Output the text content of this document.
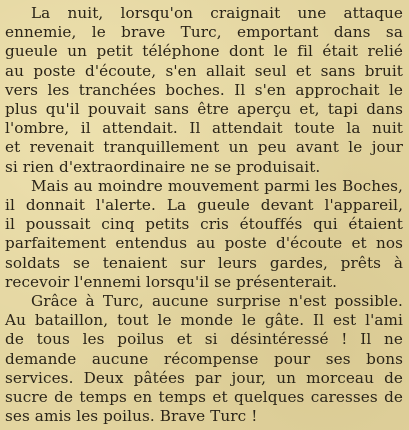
La nuit, lorsqu'on craignait une attaque
ennemie, le brave Turc, emportant dans sa
gueule un petit téléphone dont le fil était relié
au poste d'écoute, s'en allait seul et sans bruit
vers les tranchées boches. Il s'en approchait le
plus qu'il pouvait sans être aperçu et, tapi dans
l'ombre, il attendait. Il attendait toute la nuit
et revenait tranquillement un peu avant le jour
si rien d'extraordinaire ne se produisait.
Mais au moindre mouvement parmi les Boches,
il donnait l'alerte. La gueule devant l'appareil,
il poussait cinq petits cris étouffés qui étaient
parfaitement entendus au poste d'écoute et nos
soldats se tenaient sur leurs gardes, prêts à
recevoir l'ennemi lorsqu'il se présenterait.
Grâce à Turc, aucune surprise n'est possible.
Au bataillon, tout le monde le gâte. Il est l'ami
de tous les poilus et si désintéressé ! Il ne
demande aucune récompense pour ses bons
services. Deux pâtées par jour, un morceau de
sucre de temps en temps et quelques caresses de
ses amis les poilus. Brave Turc !
